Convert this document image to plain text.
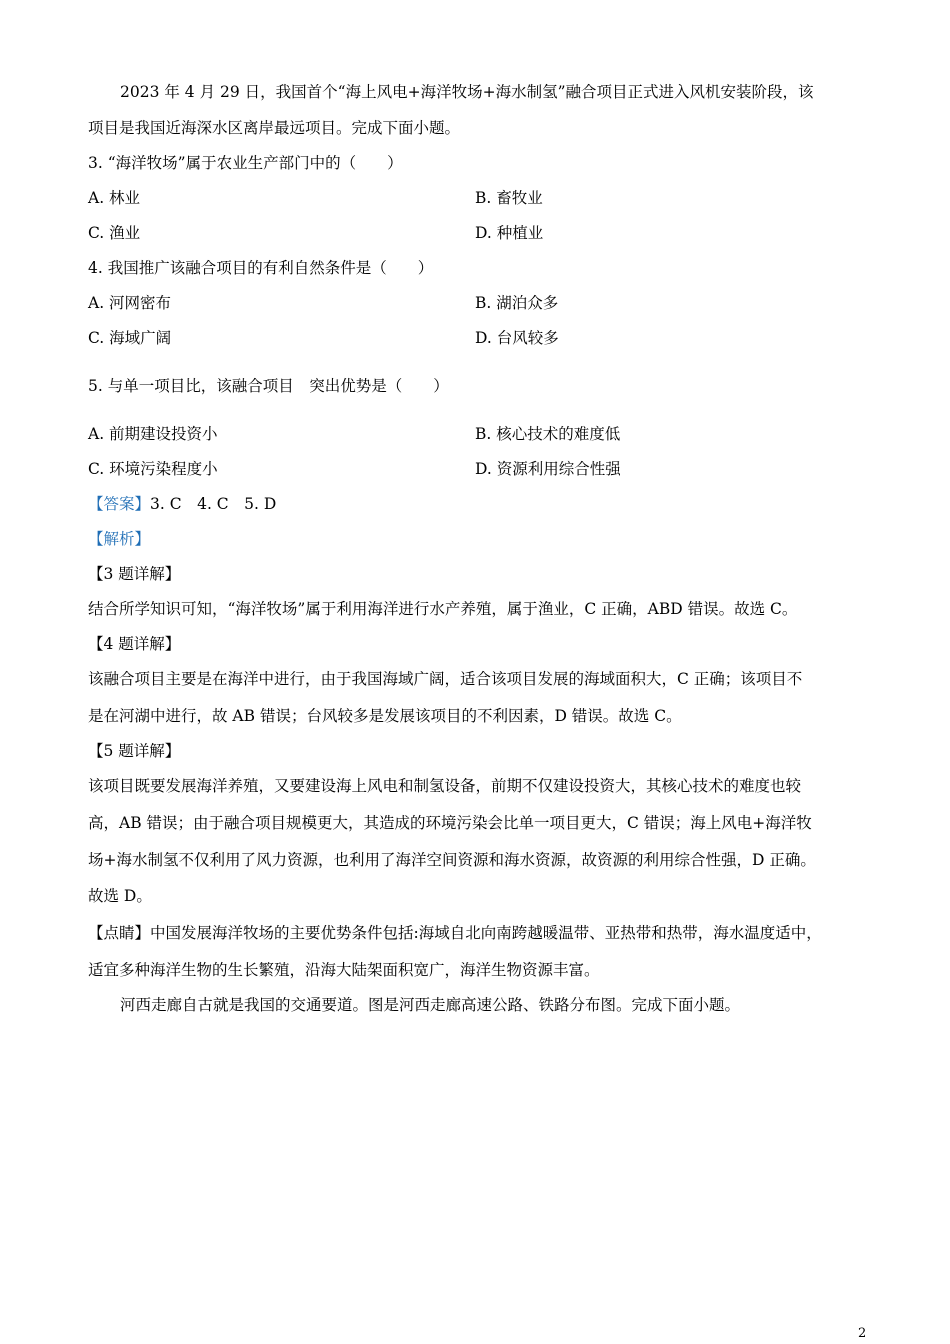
2023 年 4 月 29 日，我国首个“海上风电+海洋牧场+海水制氢”融合项目正式进入风机安装阶段，该
项目是我国近海深水区离岸最远项目。完成下面小题。
3. “海洋牧场”属于农业生产部门中的（　　）
A. 林业	B. 畜牧业
C. 渔业	D. 种植业
4. 我国推广该融合项目的有利自然条件是（　　）
A. 河网密布	B. 湖泊众多
C. 海域广阔	D. 台风较多
5. 与单一项目比，该融合项目　突出优势是（　　）
A. 前期建设投资小	B. 核心技术的难度低
C. 环境污染程度小	D. 资源利用综合性强
【答案】3. C　4. C　5. D
【解析】
【3 题详解】
结合所学知识可知，“海洋牧场”属于利用海洋进行水产养殖，属于渔业，C 正确，ABD 错误。故选 C。
【4 题详解】
该融合项目主要是在海洋中进行，由于我国海域广阔，适合该项目发展的海域面积大，C 正确；该项目不
是在河湖中进行，故 AB 错误；台风较多是发展该项目的不利因素，D 错误。故选 C。
【5 题详解】
该项目既要发展海洋养殖，又要建设海上风电和制氢设备，前期不仅建设投资大，其核心技术的难度也较
高，AB 错误；由于融合项目规模更大，其造成的环境污染会比单一项目更大，C 错误；海上风电+海洋牧
场+海水制氢不仅利用了风力资源，也利用了海洋空间资源和海水资源，故资源的利用综合性强，D 正确。
故选 D。
【点睛】中国发展海洋牧场的主要优势条件包括:海域自北向南跨越暖温带、亚热带和热带，海水温度适中，
适宜多种海洋生物的生长繁殖，沿海大陆架面积宽广，海洋生物资源丰富。
河西走廊自古就是我国的交通要道。图是河西走廊高速公路、铁路分布图。完成下面小题。
2
